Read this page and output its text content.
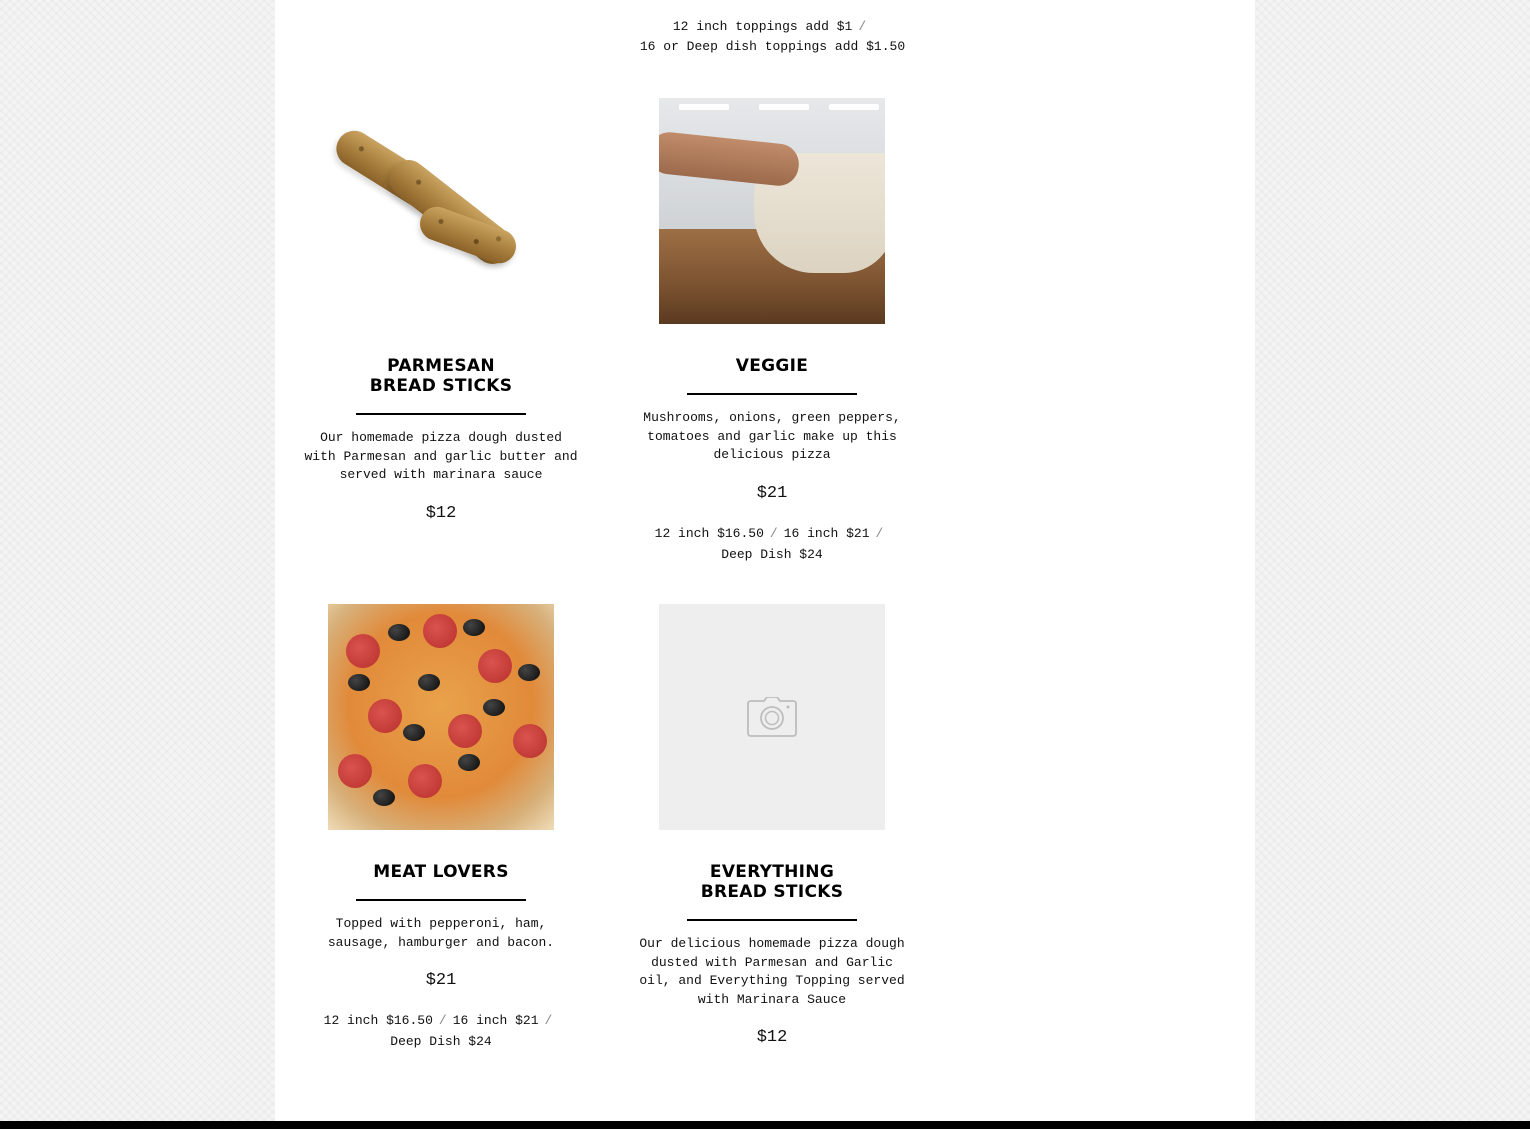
12 inch toppings add $1 /
16 or Deep dish toppings add $1.50
PARMESAN
BREAD STICKS
Our homemade pizza dough dusted with Parmesan and garlic butter and served with marinara sauce
$12
VEGGIE
Mushrooms, onions, green peppers, tomatoes and garlic make up this delicious pizza
$21
12 inch $16.50 / 16 inch $21 /
Deep Dish $24
MEAT LOVERS
Topped with pepperoni, ham, sausage, hamburger and bacon.
$21
12 inch $16.50 / 16 inch $21 /
Deep Dish $24
EVERYTHING
BREAD STICKS
Our delicious homemade pizza dough dusted with Parmesan and Garlic oil, and Everything Topping served with Marinara Sauce
$12
